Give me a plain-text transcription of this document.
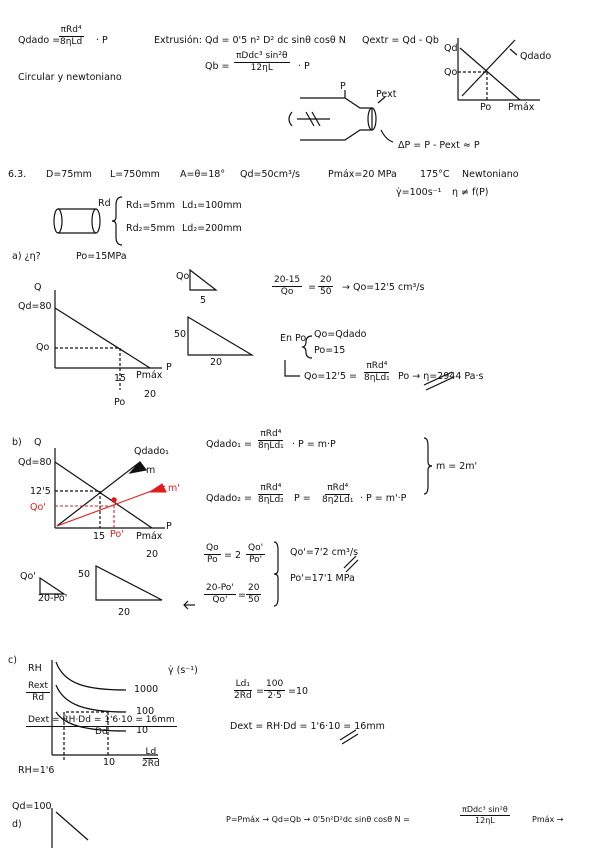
Qdado =
πRd⁴
8ηLd · P
Circular y newtoniano
Extrusión: Qd = 0'5 n² D² dc sinθ cosθ N
Qb =
πDdc³ sin²θ
12ηL	· P
Qextr = Qd - Qb
Qd
Qo
Qdado
Po Pmáx
P
Pext
ΔP = P - Pext ≈ P
6.3. D=75mm L=750mm A=θ=18° Qd=50cm³/s	Pmáx=20 MPa 175°C Newtoniano
γ̇=100s⁻¹ η ≠ f(P)
Rd Rd₁=5mm Ld₁=100mm
Rd₂=5mm Ld₂=200mm
a) ¿η?	Po=15MPa
Q
Qd=80
Qo
P
15 Pmáx
20
Po
Qo
5
50
20
$\frac{20-15}{Qo} = \frac{20}{50} \to Qo=12'5$ cm³/s
En Po Qo=Qdado
Po=15
Qo=12'5 =
πRd⁴
8ηLd₁ Po → η=2944 Pa·s
b) Q
Qd=80
12'5
Qo'
P
15 Po' Pmáx
20
Qdado₁
m
m'
Qdado₁ =
πRd⁴
8ηLd₁ · P = m·P
Qdado₂ =
πRd⁴
8ηLd₂ P =
πRd⁴
8η2Ld₁ · P = m'·P
m = 2m'
Qo'
20-Po'
50
20
$\frac{Qo}{Po} = 2 \frac{Qo'}{Po'}$
$\frac{20-Po'}{Qo'} = \frac{20}{50}$
Qo'=7'2 cm³/s
Po'=17'1 MPa
c)
RH
Rext
Rd
Dext = RH·Dd = 1'6·10 = 16mm
Dd
γ̇ (s⁻¹)
1000
100
10
10	$\frac{Ld}{2Rd}$
RH=1'6
$\frac{\text{Ld₁}}{2Rd} = \frac{100}{2\cdot 5} =10$
Dext = RH·Dd = 1'6·10 = 16mm
Qd=100
d)	P=Pmáx → Qd=Qb → 0'5n²D²dc sinθ cosθ N =
πDdc³ sin²θ
12ηL	Pmáx →
